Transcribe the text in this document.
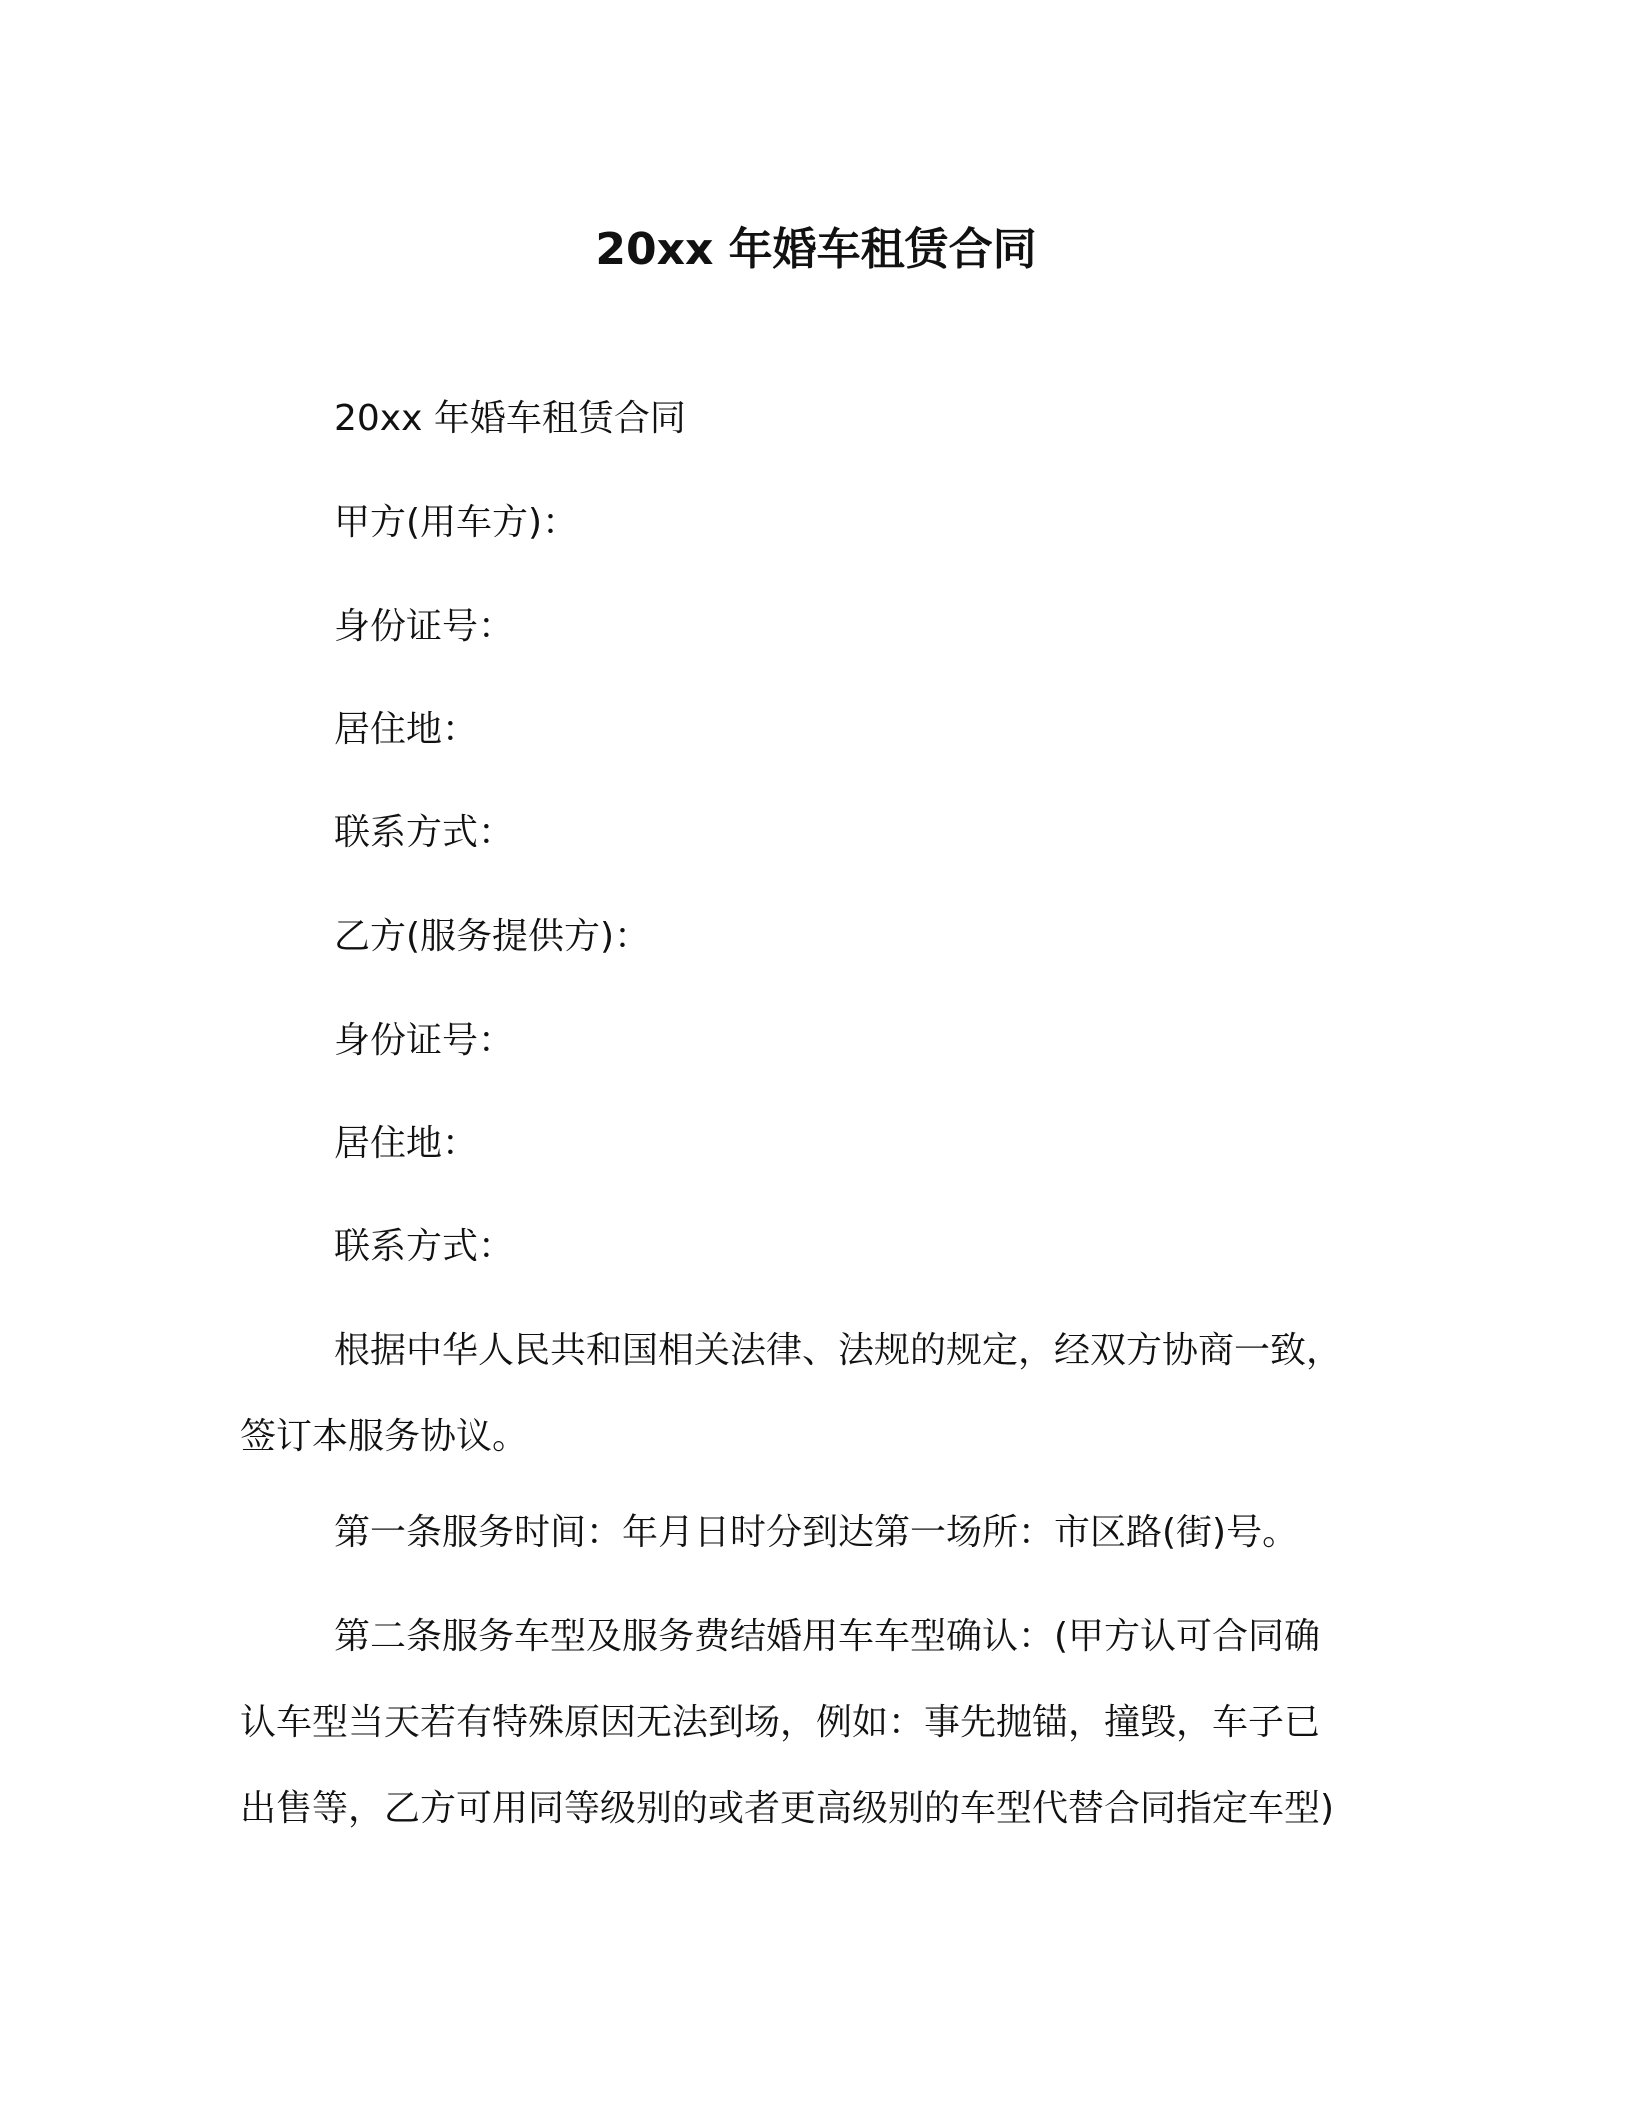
20xx 年婚车租赁合同

20xx 年婚车租赁合同

甲方(用车方)：

身份证号：

居住地：

联系方式：

乙方(服务提供方)：

身份证号：

居住地：

联系方式：

根据中华人民共和国相关法律、法规的规定，经双方协商一致，
签订本服务协议。

第一条服务时间：年月日时分到达第一场所：市区路(街)号。

第二条服务车型及服务费结婚用车车型确认：(甲方认可合同确
认车型当天若有特殊原因无法到场，例如：事先抛锚，撞毁，车子已
出售等，乙方可用同等级别的或者更高级别的车型代替合同指定车型)
